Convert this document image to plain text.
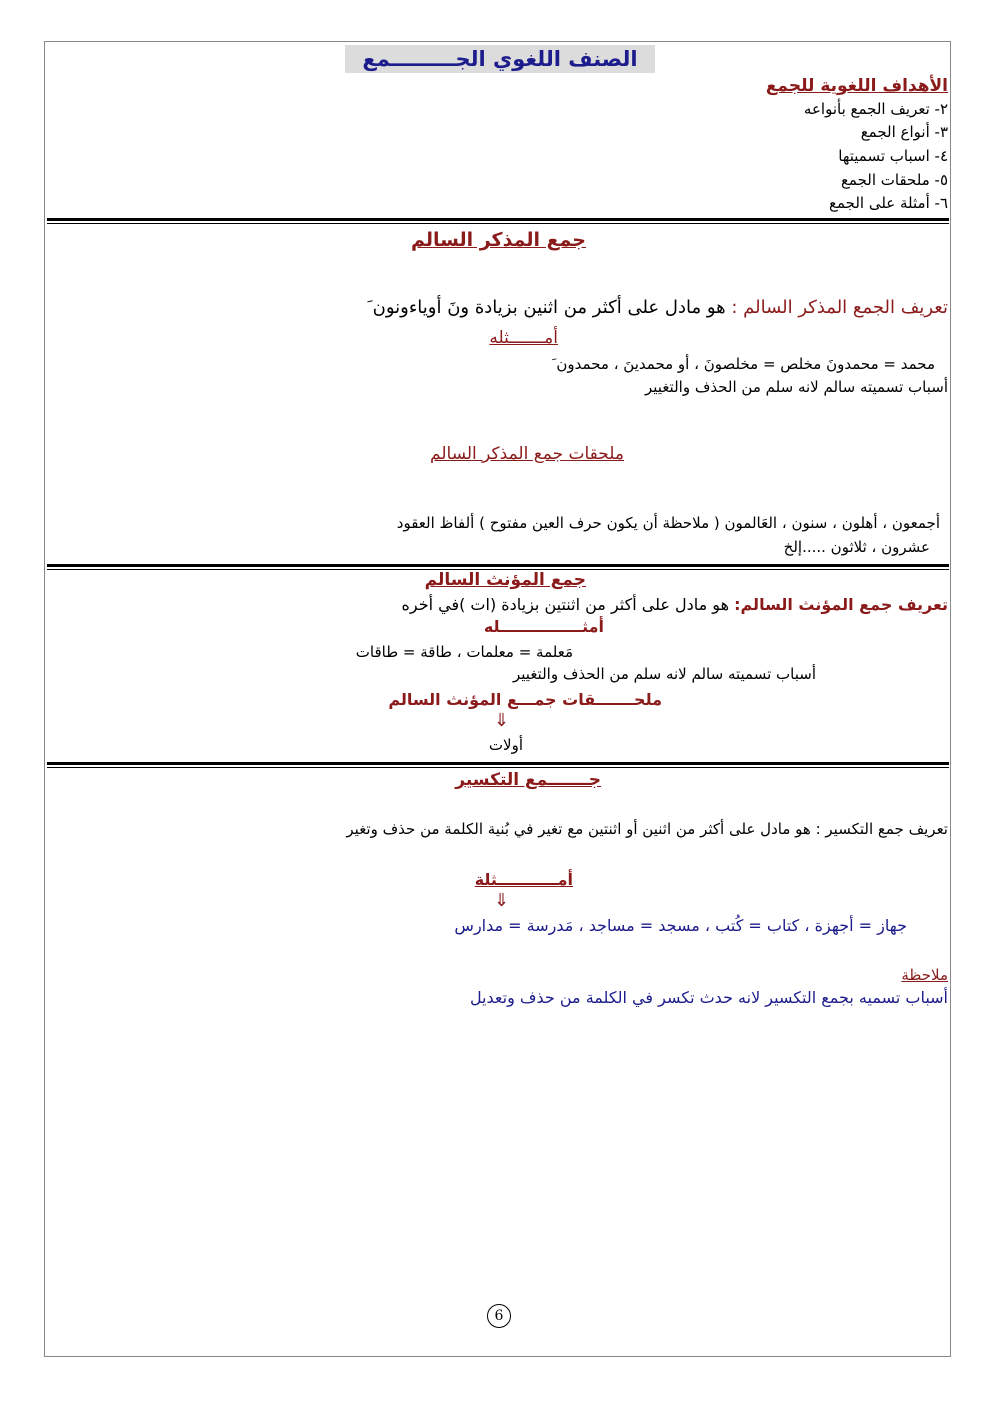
الصنف اللغوي الجـــــــــمع
الأهداف اللغوية للجمع
٢- تعريف الجمع بأنواعه
٣- أنواع الجمع
٤- اسباب تسميتها
٥- ملحقات الجمع
٦- أمثلة على الجمع
جمع المذكر السالم
تعريف الجمع المذكر السالم : هو مادل على أكثر من اثنين بزيادة ونَ أوياءونون َ
أمـــــــثله
محمد = محمدونَ مخلص = مخلصونَ ، أو محمدينَ ، محمدون َ
أسباب تسميته سالم لانه سلم من الحذف والتغيير
ملحقات جمع المذكر السالم
أجمعون ، أهلون ، سنون ، العَالمون ( ملاحظة أن يكون حرف العين مفتوح ) ألفاظ العقود
عشرون ، ثلاثون .....إلخ
جمع المؤنث السالم
تعريف جمع المؤنث السالم: هو مادل على أكثر من اثنتين بزيادة (ات )في أخره
أمثـــــــــــــــله
مَعلمة = معلمات ، طاقة = طاقات
أسباب تسميته سالم لانه سلم من الحذف والتغيير
ملحـــــــقات جمـــع المؤنث السالم
⇓
أولات
جـــــــمع التكسير
تعريف جمع التكسير : هو مادل على أكثر من اثنين أو اثنتين مع تغير في بُنية الكلمة من حذف وتغير
أمـــــــــــثلة
⇓
جهاز = أجهزة ، كتاب = كُتب ، مسجد = مساجد ، مَدرسة = مدارس
ملاحظة
أسباب تسميه بجمع التكسير لانه حدث تكسر في الكلمة من حذف وتعديل
6
